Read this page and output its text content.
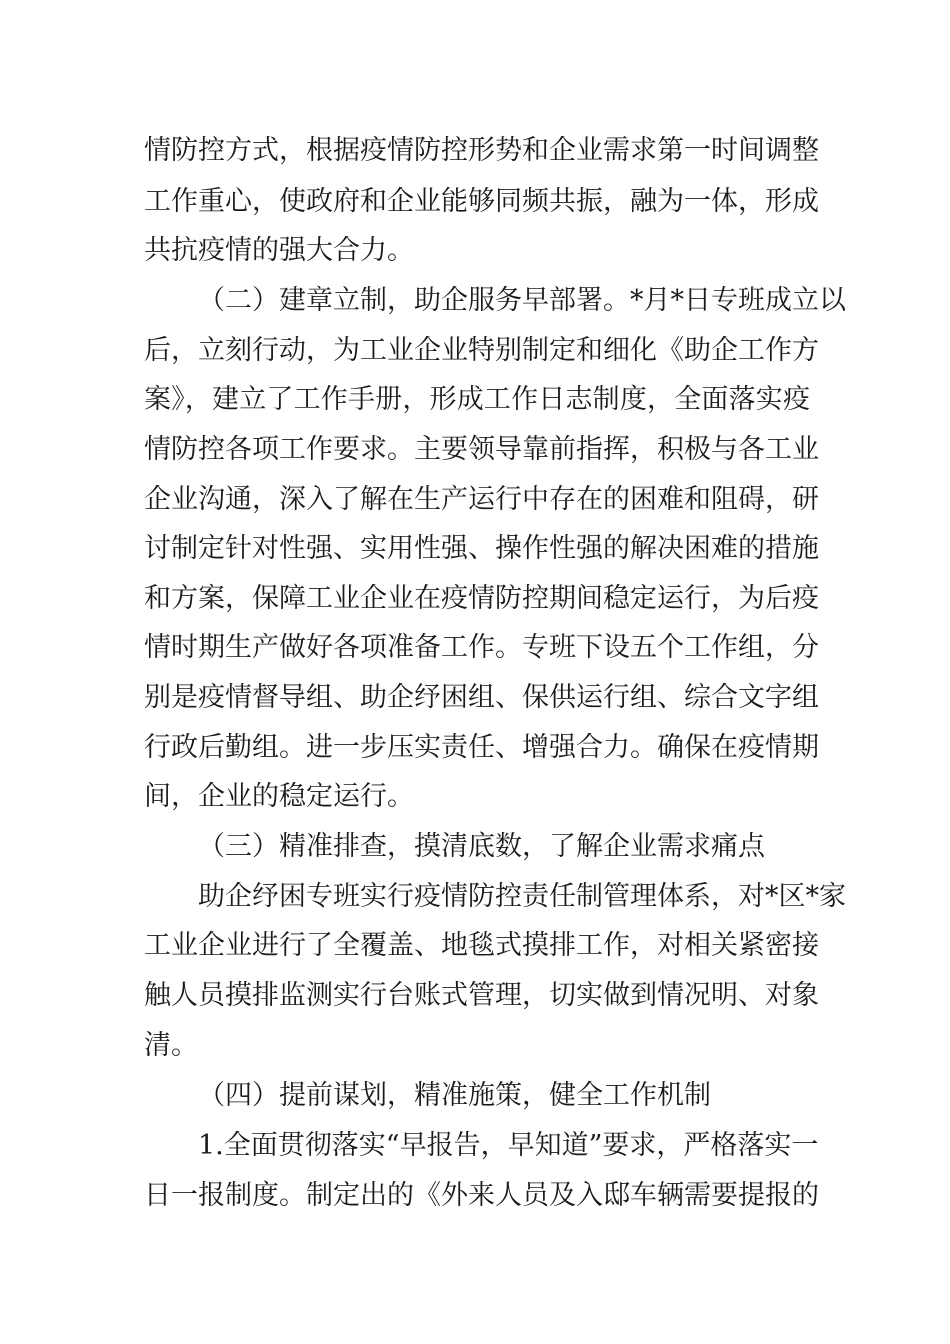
情防控方式，根据疫情防控形势和企业需求第一时间调整
工作重心，使政府和企业能够同频共振，融为一体，形成
共抗疫情的强大合力。
（二）建章立制，助企服务早部署。*月*日专班成立以
后，立刻行动，为工业企业特别制定和细化《助企工作方
案》，建立了工作手册，形成工作日志制度，全面落实疫
情防控各项工作要求。主要领导靠前指挥，积极与各工业
企业沟通，深入了解在生产运行中存在的困难和阻碍，研
讨制定针对性强、实用性强、操作性强的解决困难的措施
和方案，保障工业企业在疫情防控期间稳定运行，为后疫
情时期生产做好各项准备工作。专班下设五个工作组，分
别是疫情督导组、助企纾困组、保供运行组、综合文字组
行政后勤组。进一步压实责任、增强合力。确保在疫情期
间，企业的稳定运行。
（三）精准排查，摸清底数，了解企业需求痛点
助企纾困专班实行疫情防控责任制管理体系，对*区*家
工业企业进行了全覆盖、地毯式摸排工作，对相关紧密接
触人员摸排监测实行台账式管理，切实做到情况明、对象
清。
（四）提前谋划，精准施策，健全工作机制
1.全面贯彻落实“早报告，早知道”要求，严格落实一
日一报制度。制定出的《外来人员及入邸车辆需要提报的
